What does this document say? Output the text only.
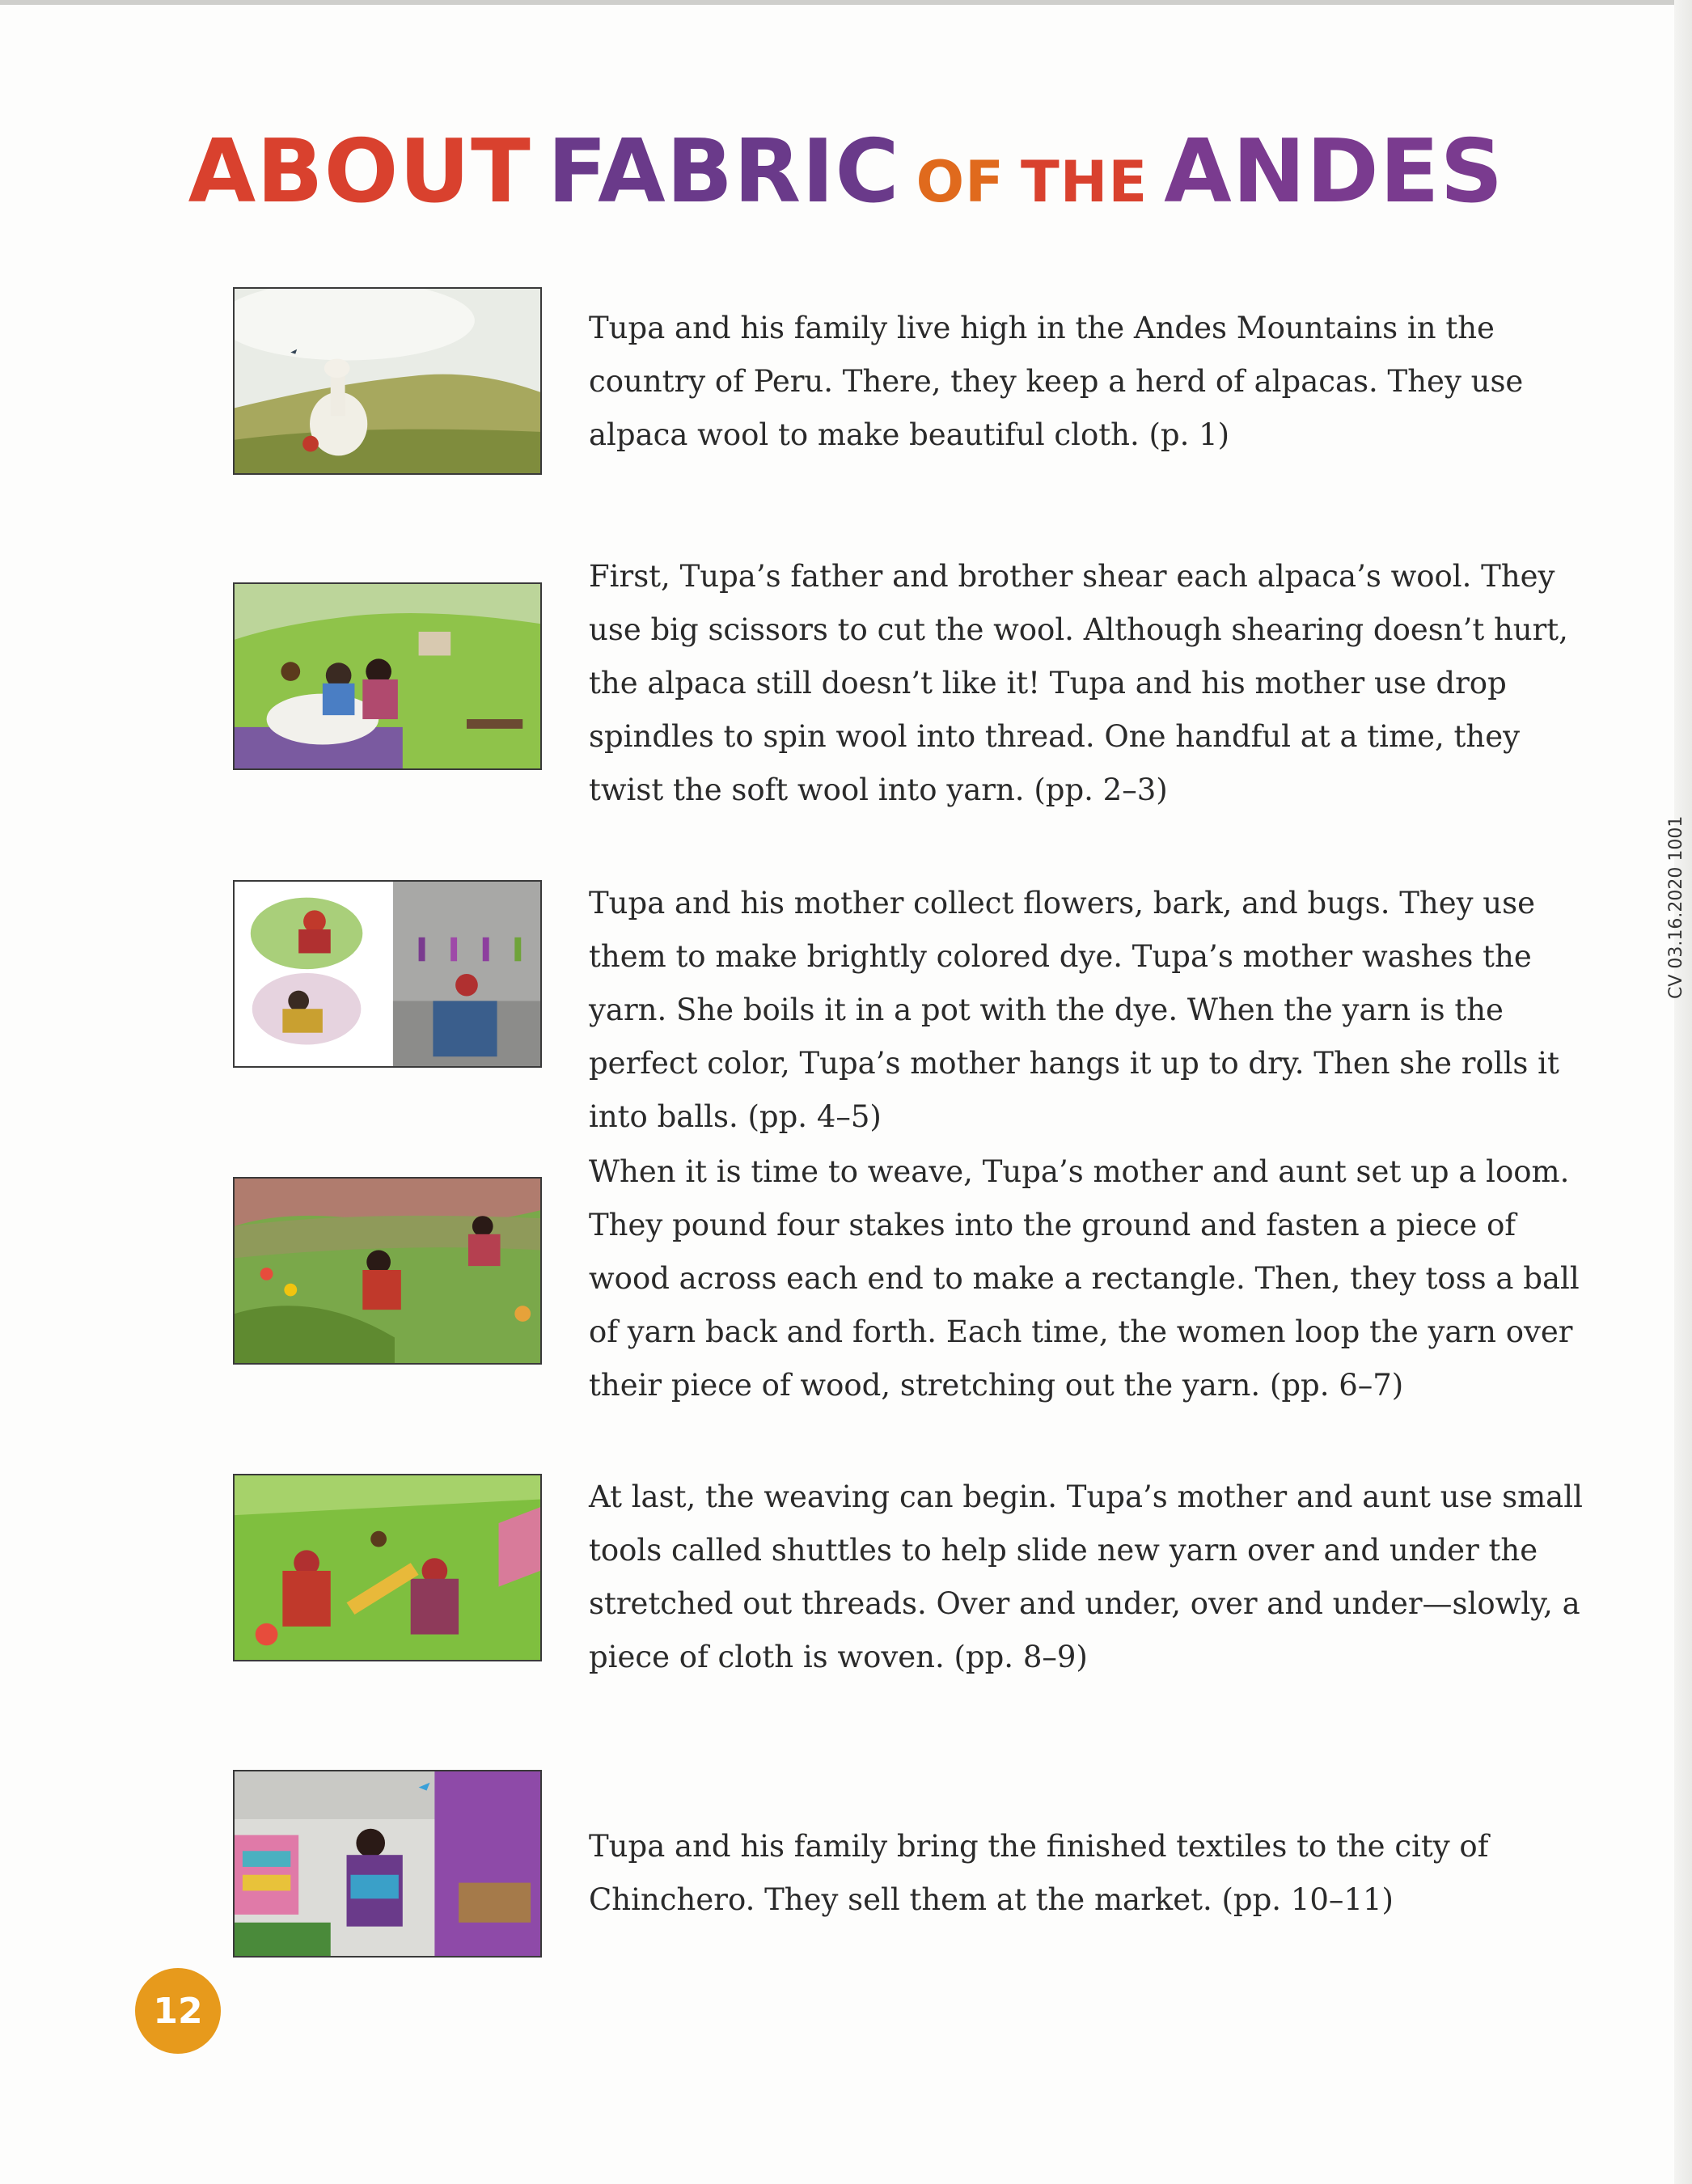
ABOUT FABRIC OF THE ANDES
Tupa and his family live high in the Andes Mountains in the country of Peru. There, they keep a herd of alpacas. They use alpaca wool to make beautiful cloth. (p. 1)
First, Tupa’s father and brother shear each alpaca’s wool. They use big scissors to cut the wool. Although shearing doesn’t hurt, the alpaca still doesn’t like it! Tupa and his mother use drop spindles to spin wool into thread. One handful at a time, they twist the soft wool into yarn. (pp. 2–3)
Tupa and his mother collect flowers, bark, and bugs. They use them to make brightly colored dye. Tupa’s mother washes the yarn. She boils it in a pot with the dye. When the yarn is the perfect color, Tupa’s mother hangs it up to dry. Then she rolls it into balls. (pp. 4–5)
When it is time to weave, Tupa’s mother and aunt set up a loom. They pound four stakes into the ground and fasten a piece of wood across each end to make a rectangle. Then, they toss a ball of yarn back and forth. Each time, the women loop the yarn over their piece of wood, stretching out the yarn. (pp. 6–7)
At last, the weaving can begin. Tupa’s mother and aunt use small tools called shuttles to help slide new yarn over and under the stretched out threads. Over and under, over and under—slowly, a piece of cloth is woven. (pp. 8–9)
Tupa and his family bring the finished textiles to the city of Chinchero. They sell them at the market. (pp. 10–11)
CV 03.16.2020 1001
12
